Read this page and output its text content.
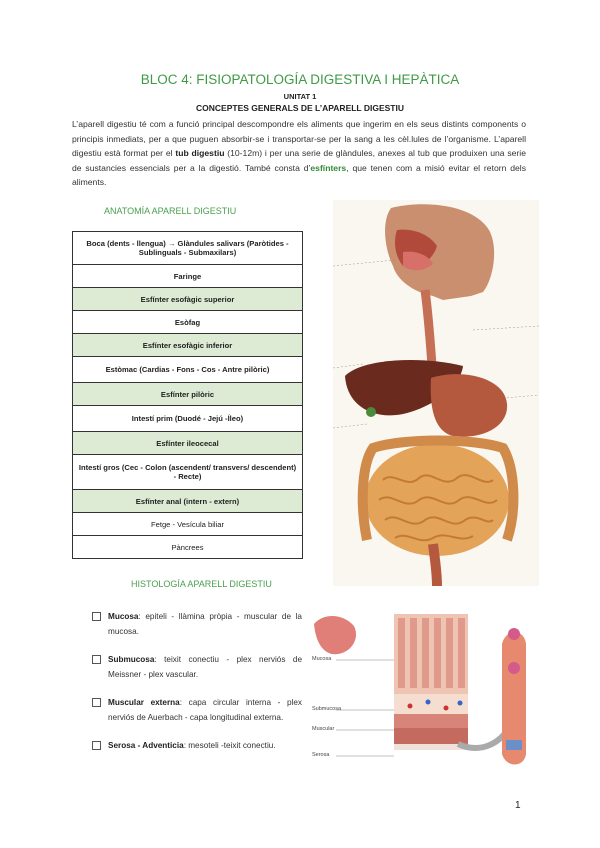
BLOC 4: FISIOPATOLOGÍA DIGESTIVA I HEPÀTICA
UNITAT 1
CONCEPTES GENERALS DE L’APARELL DIGESTIU
L’aparell digestiu té com a funció principal descompondre els aliments que ingerim en els seus distints components o principis inmediats, per a que puguen absorbir-se i transportar-se per la sang a les cèl.lules de l’organisme. L’aparell digestiu està format per el tub digestiu (10-12m) i per una serie de glàndules, anexes al tub que produixen una serie de sustancies essencials per a la digestió. També consta d’esfínters, que tenen com a misió evitar el retorn dels aliments.
ANATOMÍA APARELL DIGESTIU
Boca (dents - llengua) → Glàndules salivars (Paròtides - Sublinguals - Submaxilars)
Faringe
Esfínter esofàgic superior
Esòfag
Esfínter esofàgic inferior
Estòmac (Cardias - Fons - Cos - Antre pilòric)
Esfínter pilòric
Intestí prim (Duodé - Jejú -Íleo)
Esfínter ileocecal
Intestí gros (Cec - Colon (ascendent/ transvers/ descendent) - Recte)
Esfínter anal (intern - extern)
Fetge - Vesícula biliar
Pàncrees
HISTOLOGÍA APARELL DIGESTIU
Mucosa: epiteli - llàmina pròpia - muscular de la mucosa.
Submucosa: teixit conectiu - plex nerviós de Meissner - plex vascular.
Muscular externa: capa circular interna - plex nerviós de Auerbach - capa longitudinal externa.
Serosa - Adventicia: mesoteli -teixit conectiu.
Mucosa
Submucosa
Muscular
Serosa
1
